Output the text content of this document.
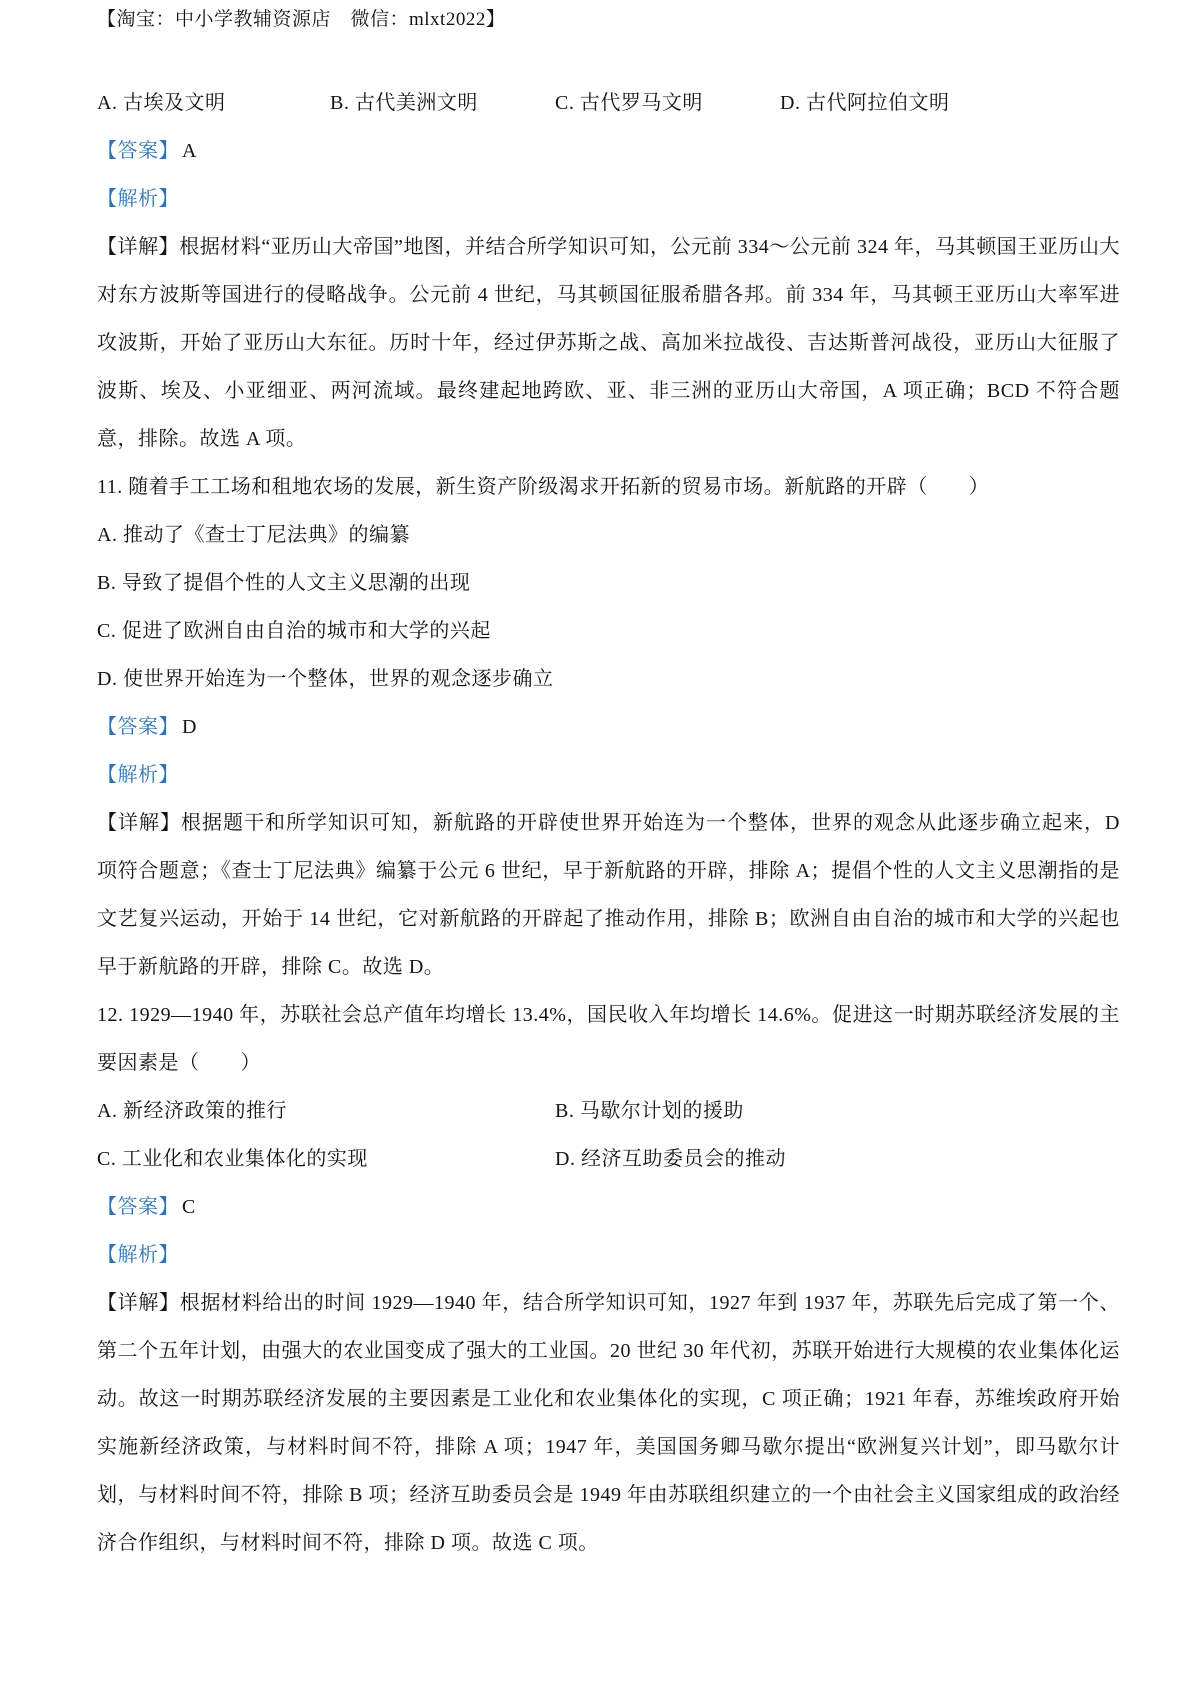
【淘宝：中小学教辅资源店　微信：mlxt2022】
A. 古埃及文明	B. 古代美洲文明	C. 古代罗马文明	D. 古代阿拉伯文明
【答案】 A
【解析】
【详解】根据材料“亚历山大帝国”地图，并结合所学知识可知，公元前 334～公元前 324 年，马其顿国王亚历山大对东方波斯等国进行的侵略战争。公元前 4 世纪，马其顿国征服希腊各邦。前 334 年，马其顿王亚历山大率军进攻波斯，开始了亚历山大东征。历时十年，经过伊苏斯之战、高加米拉战役、吉达斯普河战役，亚历山大征服了波斯、埃及、小亚细亚、两河流域。最终建起地跨欧、亚、非三洲的亚历山大帝国，A 项正确；BCD 不符合题意，排除。故选 A 项。
11. 随着手工工场和租地农场的发展，新生资产阶级渴求开拓新的贸易市场。新航路的开辟（　　）
A. 推动了《查士丁尼法典》的编纂
B. 导致了提倡个性的人文主义思潮的出现
C. 促进了欧洲自由自治的城市和大学的兴起
D. 使世界开始连为一个整体，世界的观念逐步确立
【答案】 D
【解析】
【详解】根据题干和所学知识可知，新航路的开辟使世界开始连为一个整体，世界的观念从此逐步确立起来，D 项符合题意；《查士丁尼法典》编纂于公元 6 世纪，早于新航路的开辟，排除 A；提倡个性的人文主义思潮指的是文艺复兴运动，开始于 14 世纪，它对新航路的开辟起了推动作用，排除 B；欧洲自由自治的城市和大学的兴起也早于新航路的开辟，排除 C。故选 D。
12. 1929—1940 年，苏联社会总产值年均增长 13.4%，国民收入年均增长 14.6%。促进这一时期苏联经济发展的主要因素是（　　）
A. 新经济政策的推行	B. 马歇尔计划的援助
C. 工业化和农业集体化的实现	D. 经济互助委员会的推动
【答案】 C
【解析】
【详解】根据材料给出的时间 1929—1940 年，结合所学知识可知，1927 年到 1937 年，苏联先后完成了第一个、第二个五年计划，由强大的农业国变成了强大的工业国。20 世纪 30 年代初，苏联开始进行大规模的农业集体化运动。故这一时期苏联经济发展的主要因素是工业化和农业集体化的实现，C 项正确；1921 年春，苏维埃政府开始实施新经济政策，与材料时间不符，排除 A 项；1947 年，美国国务卿马歇尔提出“欧洲复兴计划”，即马歇尔计划，与材料时间不符，排除 B 项；经济互助委员会是 1949 年由苏联组织建立的一个由社会主义国家组成的政治经济合作组织，与材料时间不符，排除 D 项。故选 C 项。
